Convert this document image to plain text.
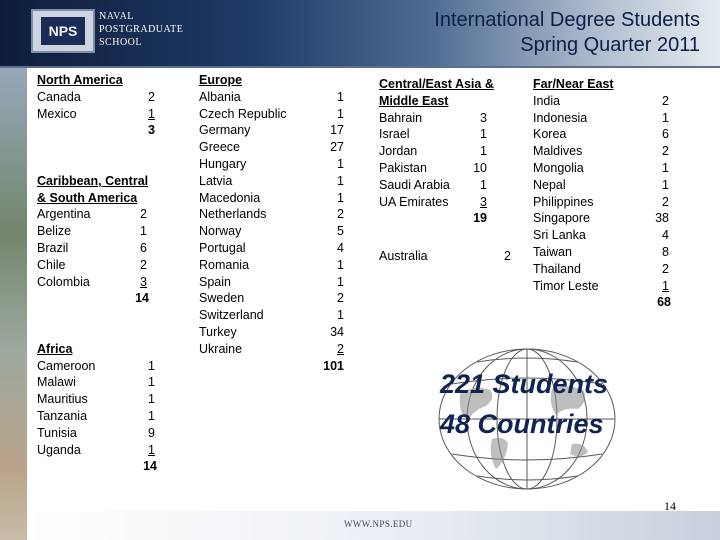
NPS
NAVAL
POSTGRADUATE
SCHOOL
International Degree Students
Spring Quarter 2011
North America
Canada	2
Mexico	1
3
Caribbean, Central
& South America
Argentina	2
Belize	1
Brazil	6
Chile	2
Colombia	3
14
Africa
Cameroon	1
Malawi	1
Mauritius	1
Tanzania	1
Tunisia	9
Uganda	1
14
Europe
Albania	1
Czech Republic	1
Germany	17
Greece	27
Hungary	1
Latvia	1
Macedonia	1
Netherlands	2
Norway	5
Portugal	4
Romania	1
Spain	1
Sweden	2
Switzerland	1
Turkey	34
Ukraine	2
101
Central/East Asia &
Middle East
Bahrain	3
Israel	1
Jordan	1
Pakistan	10
Saudi Arabia	1
UA Emirates	3
19
Australia	2
Far/Near East
India	2
Indonesia	1
Korea	6
Maldives	2
Mongolia	1
Nepal	1
Philippines	2
Singapore	38
Sri Lanka	4
Taiwan	8
Thailand	2
Timor Leste	1
68
221 Students
48 Countries
WWW.NPS.EDU
14
